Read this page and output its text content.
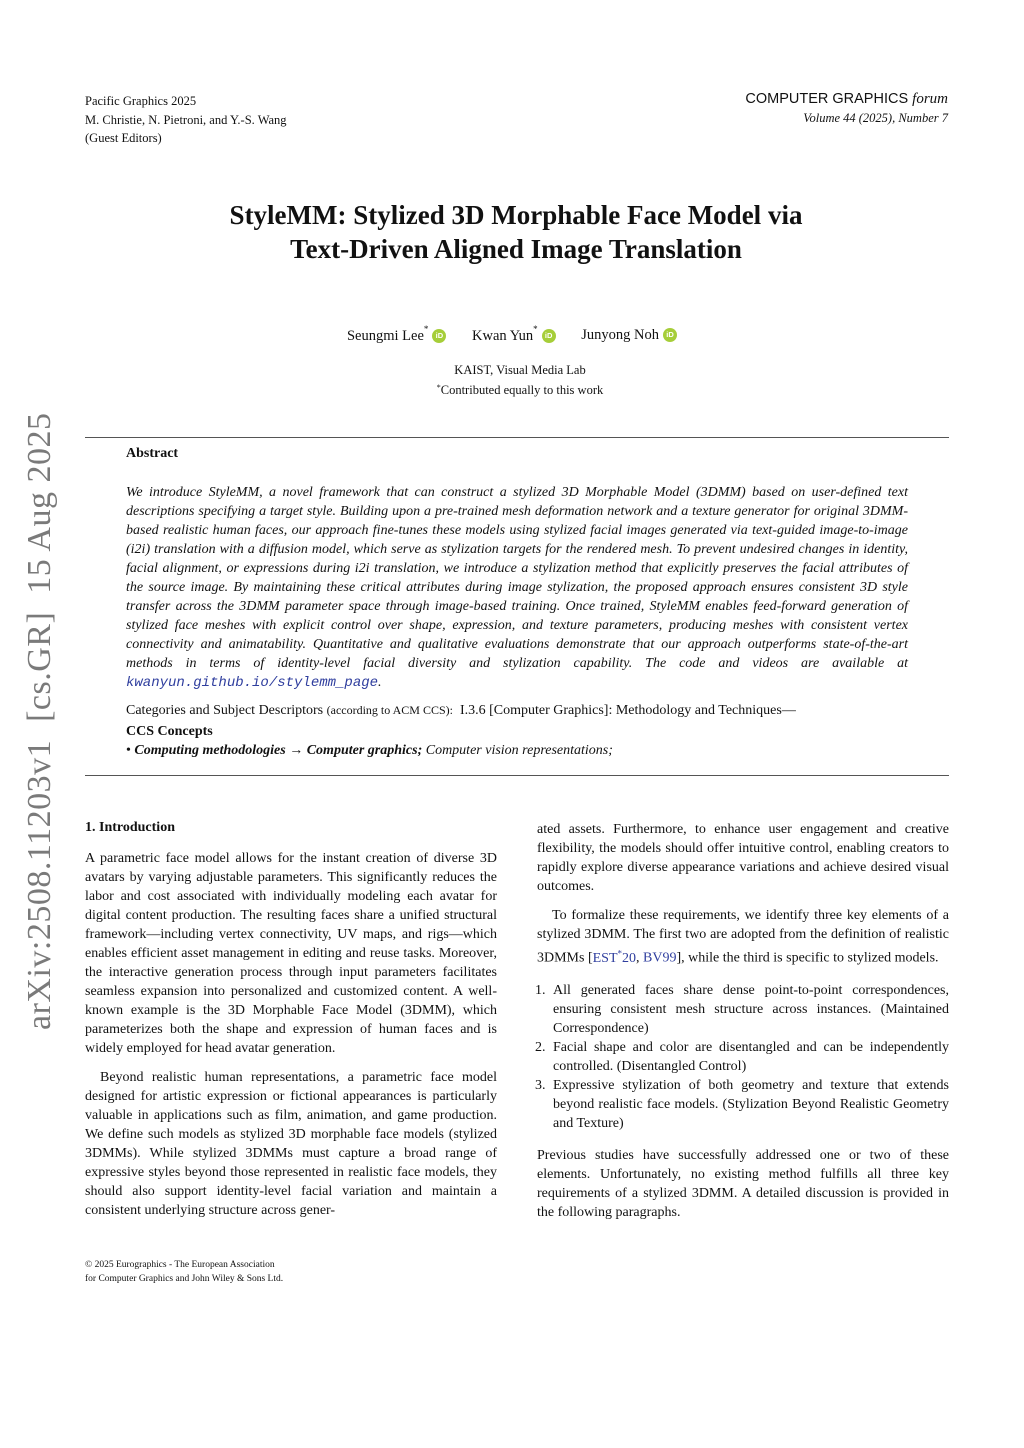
Pacific Graphics 2025
M. Christie, N. Pietroni, and Y.-S. Wang
(Guest Editors)
COMPUTER GRAPHICS forum
Volume 44 (2025), Number 7
StyleMM: Stylized 3D Morphable Face Model via
Text-Driven Aligned Image Translation
Seungmi Lee*iD Kwan Yun*iD Junyong Noh iD
KAIST, Visual Media Lab
*Contributed equally to this work
Abstract
We introduce StyleMM, a novel framework that can construct a stylized 3D Morphable Model (3DMM) based on user-defined text descriptions specifying a target style. Building upon a pre-trained mesh deformation network and a texture generator for original 3DMM-based realistic human faces, our approach fine-tunes these models using stylized facial images generated via text-guided image-to-image (i2i) translation with a diffusion model, which serve as stylization targets for the rendered mesh. To prevent undesired changes in identity, facial alignment, or expressions during i2i translation, we introduce a stylization method that explicitly preserves the facial attributes of the source image. By maintaining these critical attributes during image stylization, the proposed approach ensures consistent 3D style transfer across the 3DMM parameter space through image-based training. Once trained, StyleMM enables feed-forward generation of stylized face meshes with explicit control over shape, expression, and texture parameters, producing meshes with consistent vertex connectivity and animatability. Quantitative and qualitative evaluations demonstrate that our approach outperforms state-of-the-art methods in terms of identity-level facial diversity and stylization capability. The code and videos are available at kwanyun.github.io/stylemm_page.
Categories and Subject Descriptors (according to ACM CCS): I.3.6 [Computer Graphics]: Methodology and Techniques—
CCS Concepts
• Computing methodologies → Computer graphics; Computer vision representations;
1. Introduction

A parametric face model allows for the instant creation of diverse 3D avatars by varying adjustable parameters. This significantly reduces the labor and cost associated with individually modeling each avatar for digital content production. The resulting faces share a unified structural framework—including vertex connectivity, UV maps, and rigs—which enables efficient asset management in editing and reuse tasks. Moreover, the interactive generation process through input parameters facilitates seamless expansion into personalized and customized content. A well-known example is the 3D Morphable Face Model (3DMM), which parameterizes both the shape and expression of human faces and is widely employed for head avatar generation.

Beyond realistic human representations, a parametric face model designed for artistic expression or fictional appearances is particularly valuable in applications such as film, animation, and game production. We define such models as stylized 3D morphable face models (stylized 3DMMs). While stylized 3DMMs must capture a broad range of expressive styles beyond those represented in realistic face models, they should also support identity-level facial variation and maintain a consistent underlying structure across gener-

ated assets. Furthermore, to enhance user engagement and creative flexibility, the models should offer intuitive control, enabling creators to rapidly explore diverse appearance variations and achieve desired visual outcomes.

To formalize these requirements, we identify three key elements of a stylized 3DMM. The first two are adopted from the definition of realistic 3DMMs [EST*20, BV99], while the third is specific to stylized models.

1. All generated faces share dense point-to-point correspondences, ensuring consistent mesh structure across instances. (Maintained Correspondence)
2. Facial shape and color are disentangled and can be independently controlled. (Disentangled Control)
3. Expressive stylization of both geometry and texture that extends beyond realistic face models. (Stylization Beyond Realistic Geometry and Texture)

Previous studies have successfully addressed one or two of these elements. Unfortunately, no existing method fulfills all three key requirements of a stylized 3DMM. A detailed discussion is provided in the following paragraphs.

© 2025 Eurographics - The European Association
for Computer Graphics and John Wiley & Sons Ltd.
arXiv:2508.11203v1  [cs.GR]  15 Aug 2025
